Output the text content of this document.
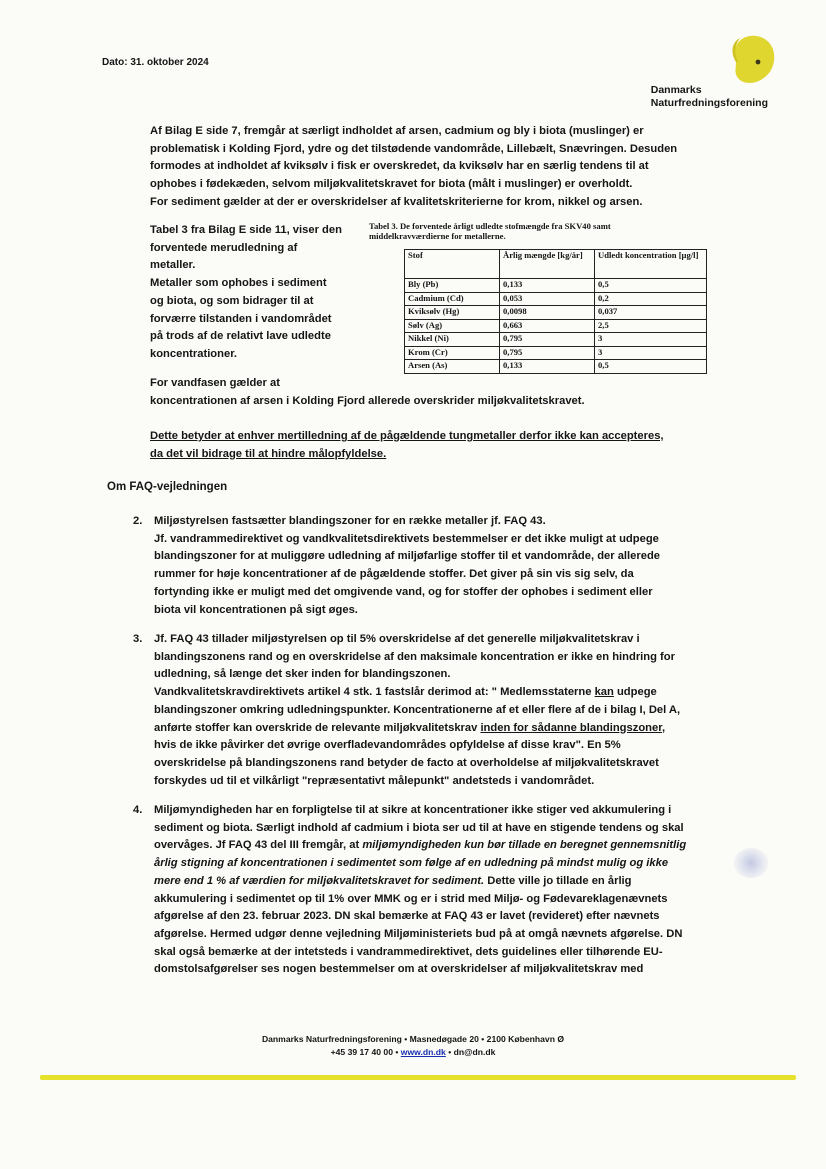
Dato: 31. oktober 2024
Danmarks
Naturfredningsforening
Af Bilag E side 7, fremgår at særligt indholdet af arsen, cadmium og bly i biota (muslinger) er
problematisk i Kolding Fjord, ydre og det tilstødende vandområde, Lillebælt, Snævringen. Desuden
formodes at indholdet af kviksølv i fisk er overskredet, da kviksølv har en særlig tendens til at
ophobes i fødekæden, selvom miljøkvalitetskravet for biota (målt i muslinger) er overholdt.
For sediment gælder at der er overskridelser af kvalitetskriterierne for krom, nikkel og arsen.
Tabel 3 fra Bilag E side 11, viser den
forventede merudledning af
metaller.
Metaller som ophobes i sediment
og biota, og som bidrager til at
forværre tilstanden i vandområdet
på trods af de relativt lave udledte
koncentrationer.
Tabel 3. De forventede årligt udledte stofmængde fra SKV40 samt
middelkravværdierne for metallerne.
Stof	Årlig mængde [kg/år]	Udledt koncentration [µg/l]
Bly (Pb)	0,133	0,5
Cadmium (Cd)	0,053	0,2
Kviksølv (Hg)	0,0098	0,037
Sølv (Ag)	0,663	2,5
Nikkel (Ni)	0,795	3
Krom (Cr)	0,795	3
Arsen (As)	0,133	0,5
For vandfasen gælder at
koncentrationen af arsen i Kolding Fjord allerede overskrider miljøkvalitetskravet.
Dette betyder at enhver mertilledning af de pågældende tungmetaller derfor ikke kan accepteres,
da det vil bidrage til at hindre målopfyldelse.
Om FAQ-vejledningen
2.	Miljøstyrelsen fastsætter blandingszoner for en række metaller jf. FAQ 43.
Jf. vandrammedirektivet og vandkvalitetsdirektivets bestemmelser er det ikke muligt at udpege
blandingszoner for at muliggøre udledning af miljøfarlige stoffer til et vandområde, der allerede
rummer for høje koncentrationer af de pågældende stoffer. Det giver på sin vis sig selv, da
fortynding ikke er muligt med det omgivende vand, og for stoffer der ophobes i sediment eller
biota vil koncentrationen på sigt øges.
3.	Jf. FAQ 43 tillader miljøstyrelsen op til 5% overskridelse af det generelle miljøkvalitetskrav i
blandingszonens rand og en overskridelse af den maksimale koncentration er ikke en hindring for
udledning, så længe det sker inden for blandingszonen.
Vandkvalitetskravdirektivets artikel 4 stk. 1 fastslår derimod at: " Medlemsstaterne kan udpege
blandingszoner omkring udledningspunkter. Koncentrationerne af et eller flere af de i bilag I, Del A,
anførte stoffer kan overskride de relevante miljøkvalitetskrav inden for sådanne blandingszoner,
hvis de ikke påvirker det øvrige overfladevandområdes opfyldelse af disse krav". En 5%
overskridelse på blandingszonens rand betyder de facto at overholdelse af miljøkvalitetskravet
forskydes ud til et vilkårligt "repræsentativt målepunkt" andetsteds i vandområdet.
4.	Miljømyndigheden har en forpligtelse til at sikre at koncentrationer ikke stiger ved akkumulering i
sediment og biota. Særligt indhold af cadmium i biota ser ud til at have en stigende tendens og skal
overvåges. Jf FAQ 43 del III fremgår, at miljømyndigheden kun bør tillade en beregnet gennemsnitlig
årlig stigning af koncentrationen i sedimentet som følge af en udledning på mindst mulig og ikke
mere end 1 % af værdien for miljøkvalitetskravet for sediment. Dette ville jo tillade en årlig
akkumulering i sedimentet op til 1% over MMK og er i strid med Miljø- og Fødevareklagenævnets
afgørelse af den 23. februar 2023. DN skal bemærke at FAQ 43 er lavet (revideret) efter nævnets
afgørelse. Hermed udgør denne vejledning Miljøministeriets bud på at omgå nævnets afgørelse. DN
skal også bemærke at der intetsteds i vandrammedirektivet, dets guidelines eller tilhørende EU-
domstolsafgørelser ses nogen bestemmelser om at overskridelser af miljøkvalitetskrav med
Danmarks Naturfredningsforening • Masnedøgade 20 • 2100 København Ø
+45 39 17 40 00 • www.dn.dk • dn@dn.dk
